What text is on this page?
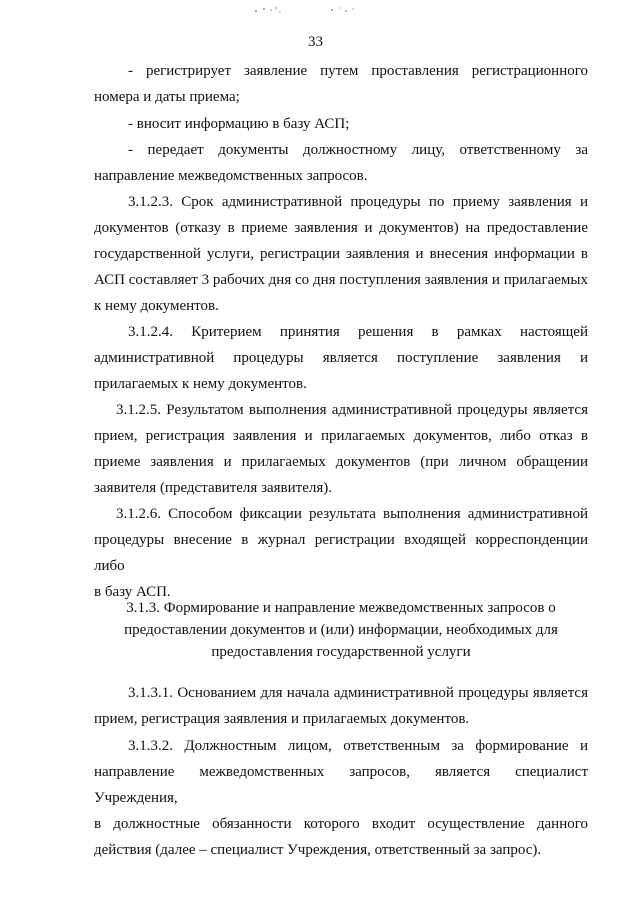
33

- регистрирует заявление путем проставления регистрационного
номера и даты приема;

- вносит информацию в базу АСП;

- передает документы должностному лицу, ответственному за
направление межведомственных запросов.

3.1.2.3. Срок административной процедуры по приему заявления и
документов (отказу в приеме заявления и документов) на предоставление
государственной услуги, регистрации заявления и внесения информации в
АСП составляет 3 рабочих дня со дня поступления заявления и прилагаемых
к нему документов.

3.1.2.4. Критерием принятия решения в рамках настоящей
административной процедуры является поступление заявления и
прилагаемых к нему документов.

3.1.2.5. Результатом выполнения административной процедуры является
прием, регистрация заявления и прилагаемых документов, либо отказ в
приеме заявления и прилагаемых документов (при личном обращении
заявителя (представителя заявителя).

3.1.2.6. Способом фиксации результата выполнения административной
процедуры внесение в журнал регистрации входящей корреспонденции либо
в базу АСП.

3.1.3. Формирование и направление межведомственных запросов о
предоставлении документов и (или) информации, необходимых для
предоставления государственной услуги

3.1.3.1. Основанием для начала административной процедуры является
прием, регистрация заявления и прилагаемых документов.

3.1.3.2. Должностным лицом, ответственным за формирование и
направление межведомственных запросов, является специалист Учреждения,
в должностные обязанности которого входит осуществление данного
действия (далее – специалист Учреждения, ответственный за запрос).
